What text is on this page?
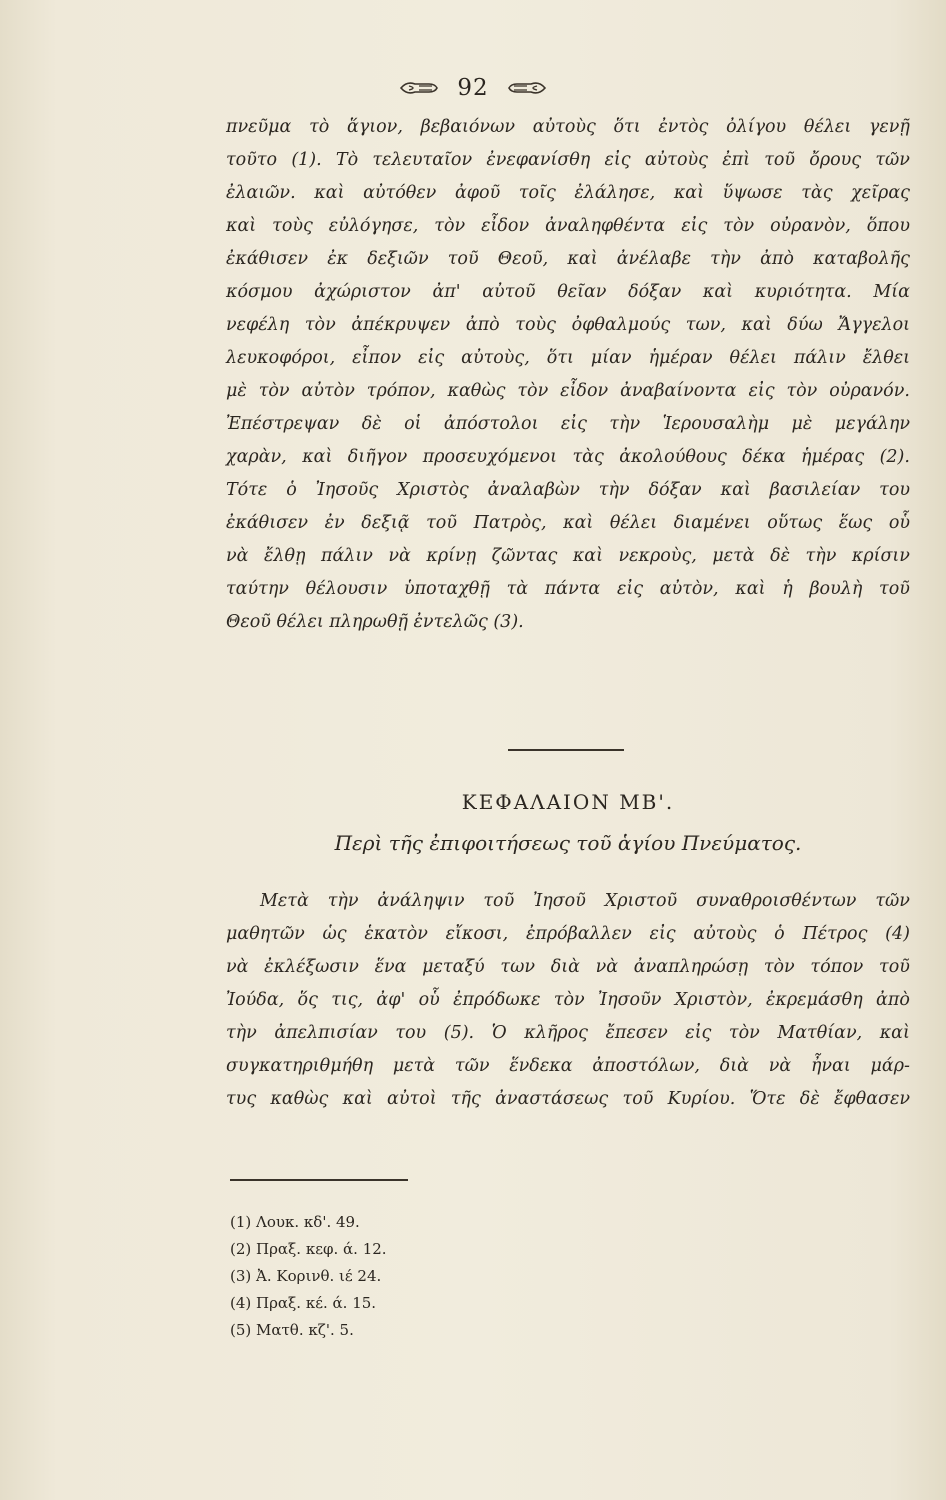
92
πνεῦμα τὸ ἅγιον, βεβαιόνων αὐτοὺς ὅτι ἐντὸς ὀλίγου θέλει γενῇ
τοῦτο (1). Τὸ τελευταῖον ἐνεφανίσθη εἰς αὐτοὺς ἐπὶ τοῦ ὄρους τῶν
ἐλαιῶν. καὶ αὐτόθεν ἀφοῦ τοῖς ἐλάλησε, καὶ ὕψωσε τὰς χεῖρας
καὶ τοὺς εὐλόγησε, τὸν εἶδον ἀναληφθέντα εἰς τὸν οὐρανὸν, ὅπου
ἐκάθισεν ἐκ δεξιῶν τοῦ Θεοῦ, καὶ ἀνέλαβε τὴν ἀπὸ καταβολῆς
κόσμου ἀχώριστον ἀπ' αὐτοῦ θεῖαν δόξαν καὶ κυριότητα. Μία
νεφέλη τὸν ἀπέκρυψεν ἀπὸ τοὺς ὀφθαλμούς των, καὶ δύω Ἄγγελοι
λευκοφόροι, εἶπον εἰς αὐτοὺς, ὅτι μίαν ἡμέραν θέλει πάλιν ἔλθει
μὲ τὸν αὐτὸν τρόπον, καθὼς τὸν εἶδον ἀναβαίνοντα εἰς τὸν οὐρανόν.
Ἐπέστρεψαν δὲ οἱ ἀπόστολοι εἰς τὴν Ἱερουσαλὴμ μὲ μεγάλην
χαρὰν, καὶ διῆγον προσευχόμενοι τὰς ἀκολούθους δέκα ἡμέρας (2).
Τότε ὁ Ἰησοῦς Χριστὸς ἀναλαβὼν τὴν δόξαν καὶ βασιλείαν του
ἐκάθισεν ἐν δεξιᾷ τοῦ Πατρὸς, καὶ θέλει διαμένει οὕτως ἕως οὗ
νὰ ἔλθῃ πάλιν νὰ κρίνῃ ζῶντας καὶ νεκροὺς, μετὰ δὲ τὴν κρίσιν
ταύτην θέλουσιν ὑποταχθῇ τὰ πάντα εἰς αὐτὸν, καὶ ἡ βουλὴ τοῦ
Θεοῦ θέλει πληρωθῇ ἐντελῶς (3).
ΚΕΦΑΛΑΙΟΝ ΜΒ'.
Περὶ τῆς ἐπιφοιτήσεως τοῦ ἁγίου Πνεύματος.
Μετὰ τὴν ἀνάληψιν τοῦ Ἰησοῦ Χριστοῦ συναθροισθέντων τῶν
μαθητῶν ὡς ἑκατὸν εἴκοσι, ἐπρόβαλλεν εἰς αὐτοὺς ὁ Πέτρος (4)
νὰ ἐκλέξωσιν ἕνα μεταξύ των διὰ νὰ ἀναπληρώσῃ τὸν τόπον τοῦ
Ἰούδα, ὅς τις, ἀφ' οὗ ἐπρόδωκε τὸν Ἰησοῦν Χριστὸν, ἐκρεμάσθη ἀπὸ
τὴν ἀπελπισίαν του (5). Ὁ κλῆρος ἔπεσεν εἰς τὸν Ματθίαν, καὶ
συγκατηριθμήθη μετὰ τῶν ἕνδεκα ἀποστόλων, διὰ νὰ ἦναι μάρ-
τυς καθὼς καὶ αὐτοὶ τῆς ἀναστάσεως τοῦ Κυρίου. Ὅτε δὲ ἔφθασεν
(1) Λουκ. κδ'. 49.
(2) Πραξ. κεφ. ά. 12.
(3) Ἀ. Κορινθ. ιέ 24.
(4) Πραξ. κέ. ά. 15.
(5) Ματθ. κζ'. 5.
